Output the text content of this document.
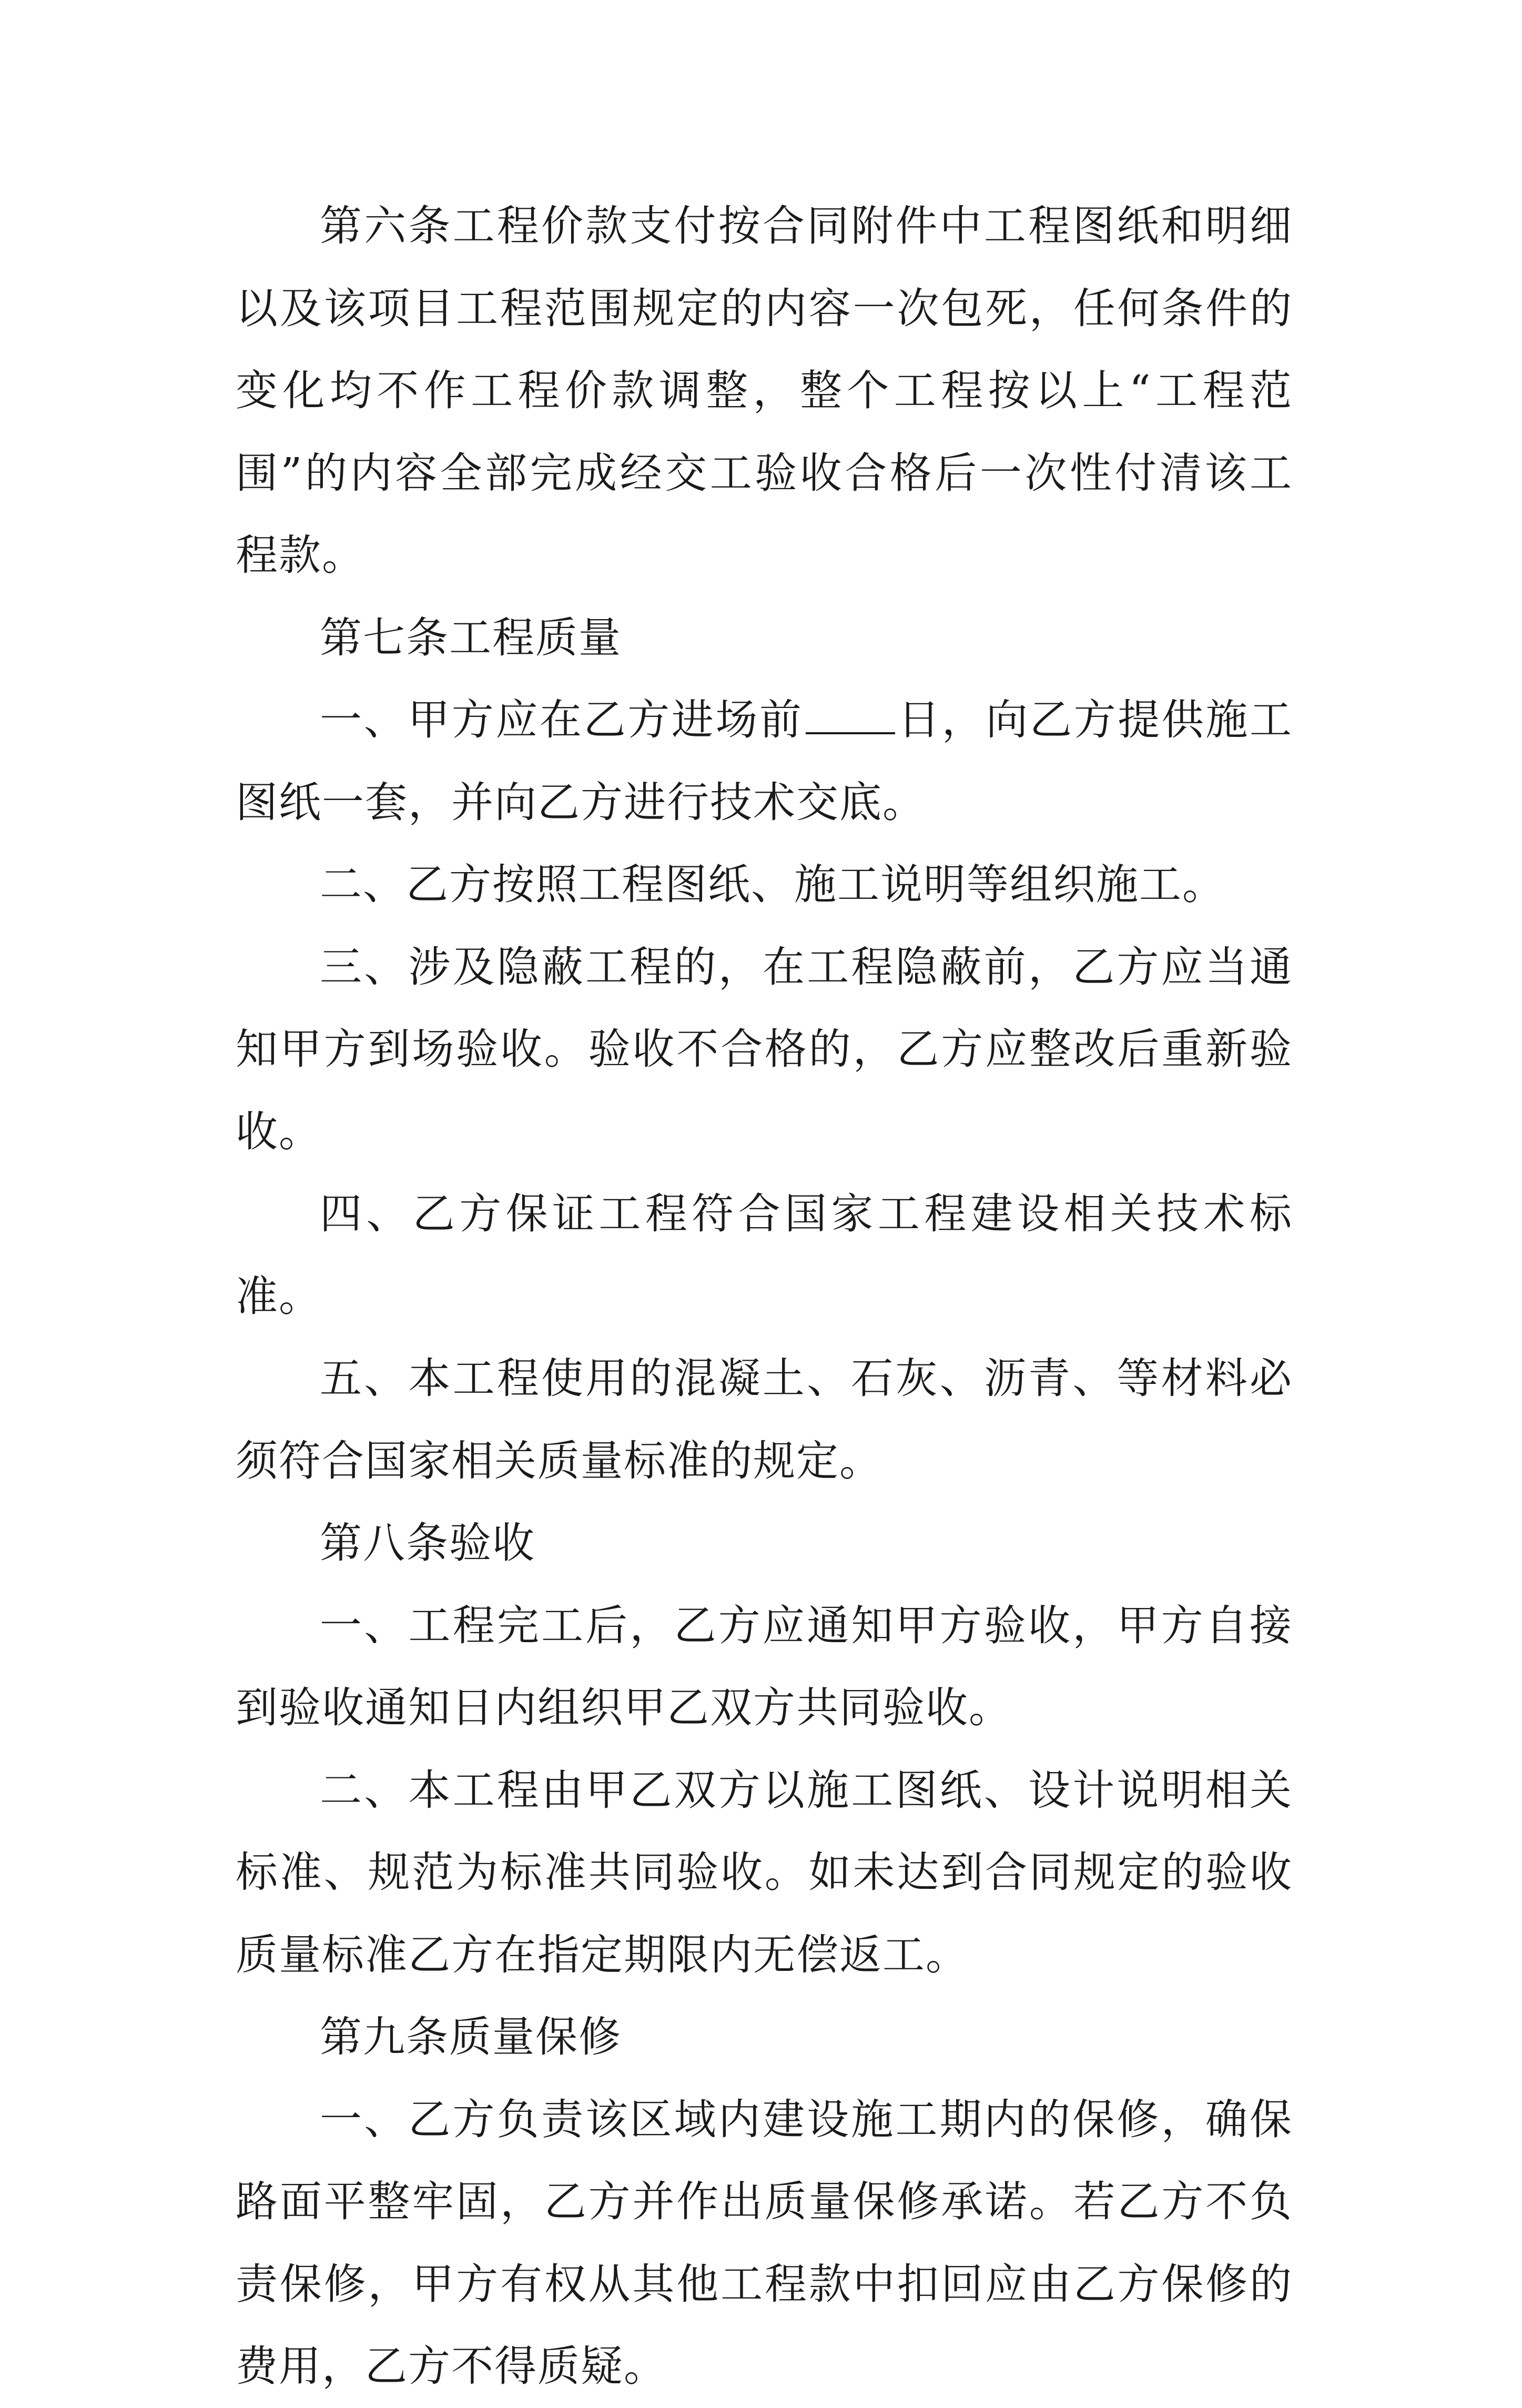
第六条工程价款支付按合同附件中工程图纸和明细以及该项目工程范围规定的内容一次包死，任何条件的变化均不作工程价款调整，整个工程按以上“工程范围”的内容全部完成经交工验收合格后一次性付清该工程款。

第七条工程质量

一、甲方应在乙方进场前 日，向乙方提供施工图纸一套，并向乙方进行技术交底。

二、乙方按照工程图纸、施工说明等组织施工。

三、涉及隐蔽工程的，在工程隐蔽前，乙方应当通知甲方到场验收。验收不合格的，乙方应整改后重新验收。

四、乙方保证工程符合国家工程建设相关技术标准。

五、本工程使用的混凝土、石灰、沥青、等材料必须符合国家相关质量标准的规定。

第八条验收

一、工程完工后，乙方应通知甲方验收，甲方自接到验收通知日内组织甲乙双方共同验收。

二、本工程由甲乙双方以施工图纸、设计说明相关标准、规范为标准共同验收。如未达到合同规定的验收质量标准乙方在指定期限内无偿返工。

第九条质量保修

一、乙方负责该区域内建设施工期内的保修，确保路面平整牢固，乙方并作出质量保修承诺。若乙方不负责保修，甲方有权从其他工程款中扣回应由乙方保修的费用，乙方不得质疑。
